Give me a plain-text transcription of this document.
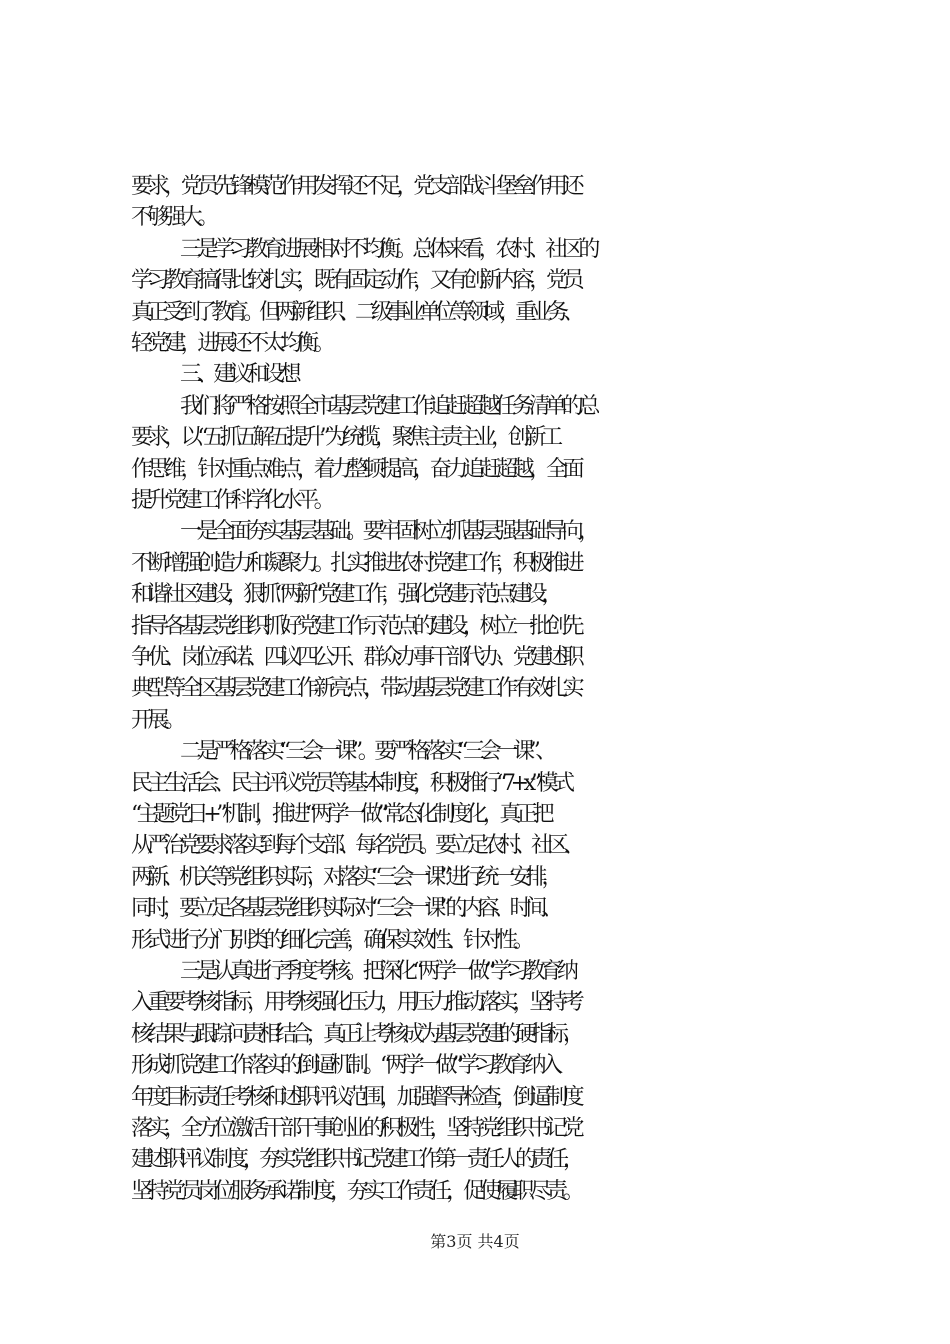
要求，党员先锋模范作用发挥还不足，党支部战斗堡垒作用还
不够强大。
三是学习教育进展相对不均衡。总体来看，农村、社区的
学习教育搞得比较扎实，既有固定动作，又有创新内容，党员
真正受到了教育。但两新组织、二级事业单位等领域，重业务、
轻党建，进展还不太均衡。
三、建议和设想
我们将严格按照全市基层党建工作追赶超越任务清单的总
要求，以“五抓五解五提升”为统揽，聚焦主责主业，创新工
作思维，针对重点难点，着力整顿提高，奋力追赶超越，全面
提升党建工作科学化水平。
一是全面夯实基层基础。要牢固树立抓基层强基础导向，
不断增强创造力和凝聚力。扎实推进农村党建工作，积极推进
和谐社区建设，狠抓“两新”党建工作，强化党建示范点建设，
指导各基层党组织抓好党建工作示范点的建设，树立一批创先
争优、岗位承诺、四议四公开、群众办事干部代办、党建述职
典型等全区基层党建工作新亮点，带动基层党建工作有效扎实
开展。
二是严格落实“三会一课”。要严格落实“三会一课”、
民主生活会、民主评议党员等基本制度，积极推行“7+x”模式
“主题党日+”机制，推进“两学一做”常态化制度化，真正把
从严治党要求落实到每个支部、每名党员。要立足农村、社区、
两新、机关等党组织实际，对落实“三会一课”进行统一安排，
同时，要立足各基层党组织实际对“三会一课”的内容、时间、
形式进行分门别类的细化完善，确保实效性、针对性。
三是认真进行季度考核。把深化“两学一做”学习教育纳
入重要考核指标，用考核强化压力，用压力推动落实，坚持考
核结果与跟踪问责相结合，真正让考核成为基层党建的硬指标，
形成抓党建工作落实的倒逼机制。“两学一做”学习教育纳入
年度目标责任考核和述职评议范围，加强督导检查，倒逼制度
落实，全方位激活干部干事创业的积极性，坚持党组织书记党
建述职评议制度，夯实党组织书记党建工作第一责任人的责任，
坚持党员岗位服务承诺制度，夯实工作责任，促使履职尽责。
第3页 共4页
